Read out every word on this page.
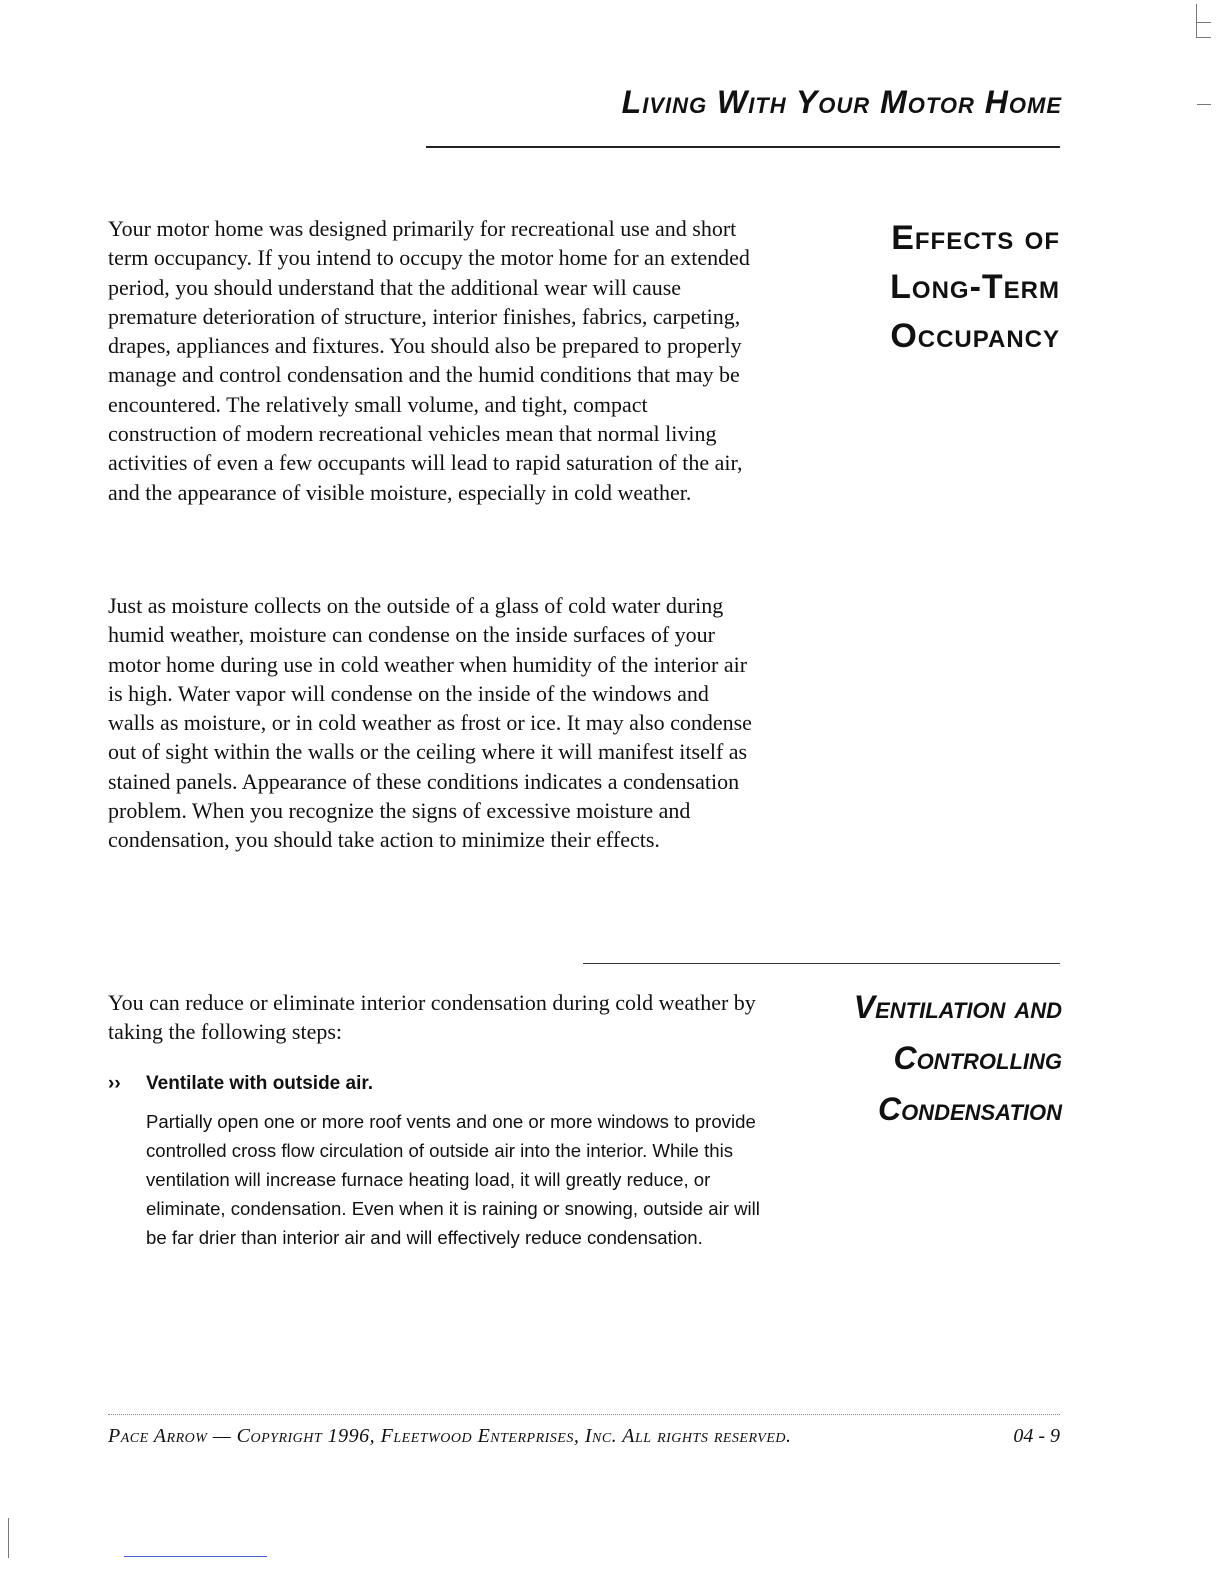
Living With Your Motor Home

Your motor home was designed primarily for recreational use and short term occupancy. If you intend to occupy the motor home for an extended period, you should understand that the additional wear will cause premature deterioration of structure, interior finishes, fabrics, carpeting, drapes, appliances and fixtures. You should also be prepared to properly manage and control condensation and the humid conditions that may be encountered. The relatively small volume, and tight, compact construction of modern recreational vehicles mean that normal living activities of even a few occupants will lead to rapid saturation of the air, and the appearance of visible moisture, especially in cold weather.

Just as moisture collects on the outside of a glass of cold water during humid weather, moisture can condense on the inside surfaces of your motor home during use in cold weather when humidity of the interior air is high. Water vapor will condense on the inside of the windows and walls as moisture, or in cold weather as frost or ice. It may also condense out of sight within the walls or the ceiling where it will manifest itself as stained panels. Appearance of these conditions indicates a condensation problem. When you recognize the signs of excessive moisture and condensation, you should take action to minimize their effects.

Effects of
Long-Term
Occupancy

You can reduce or eliminate interior condensation during cold weather by taking the following steps:

Ventilation and
Controlling
Condensation
››	Ventilate with outside air.

Partially open one or more roof vents and one or more windows to provide controlled cross flow circulation of outside air into the interior. While this ventilation will increase furnace heating load, it will greatly reduce, or eliminate, condensation. Even when it is raining or snowing, outside air will be far drier than interior air and will effectively reduce condensation.

Pace Arrow — Copyright 1996, Fleetwood Enterprises, Inc. All rights reserved.	04 - 9
